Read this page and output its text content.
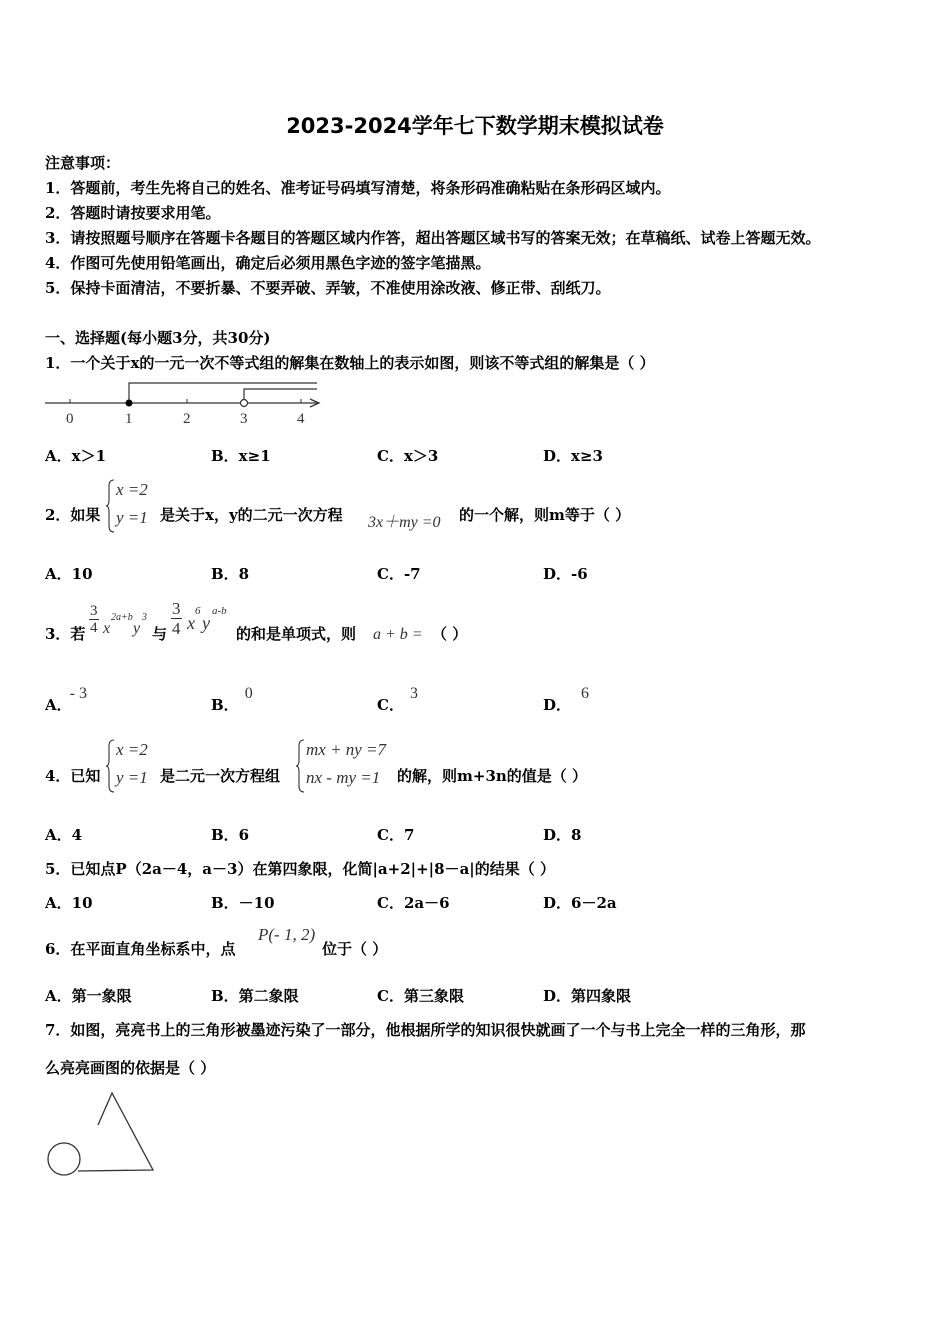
2023-2024学年七下数学期末模拟试卷
注意事项：
1．答题前，考生先将自己的姓名、准考证号码填写清楚，将条形码准确粘贴在条形码区域内。
2．答题时请按要求用笔。
3．请按照题号顺序在答题卡各题目的答题区域内作答，超出答题区域书写的答案无效；在草稿纸、试卷上答题无效。
4．作图可先使用铅笔画出，确定后必须用黑色字迹的签字笔描黑。
5．保持卡面清洁，不要折暴、不要弄破、弄皱，不准使用涂改液、修正带、刮纸刀。
一、选择题(每小题3分，共30分)
1．一个关于x的一元一次不等式组的解集在数轴上的表示如图，则该不等式组的解集是（ ）
0	1	2	3	4
A．x＞1	B．x≥1	C．x＞3	D．x≥3
2．如果
x =2
y =1 是关于x，y的二元一次方程 3x＋my =0 的一个解，则m等于（ ）
A．10	B．8	C．-7	D．-6
3．若 $\frac{3}{4}$ x
2a+b
y
3
与 $\frac{3}{4}$ x
6
y
a-b
的和是单项式，则 a + b = （ ）
A．- 3
B．0
C．3
D．6
4．已知
x =2
y =1 是二元一次方程组
mx + ny =7
nx - my =1 的解，则m+3n的值是（ ）
A．4	B．6	C．7	D．8
5．已知点P（2a－4，a－3）在第四象限，化简|a+2|+|8－a|的结果（ ）
A．10	B．－10	C．2a－6	D．6－2a
6．在平面直角坐标系中，点
P(- 1, 2)
位于（ ）
A．第一象限	B．第二象限	C．第三象限	D．第四象限
7．如图，亮亮书上的三角形被墨迹污染了一部分，他根据所学的知识很快就画了一个与书上完全一样的三角形，那
么亮亮画图的依据是（ ）
